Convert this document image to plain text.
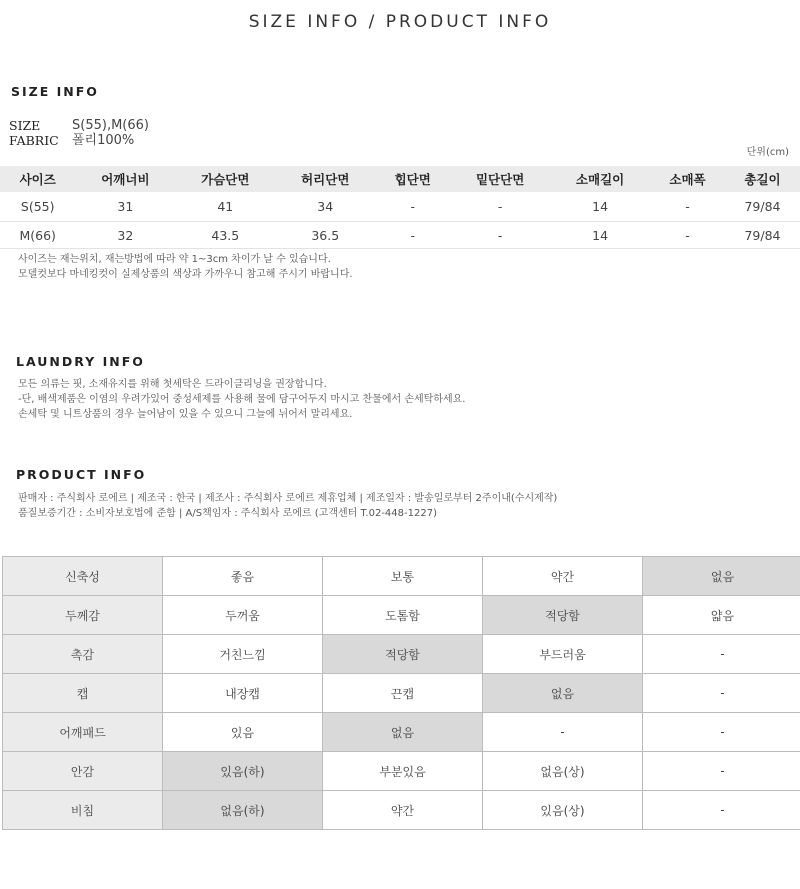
SIZE INFO / PRODUCT INFO
SIZE INFO
SIZE	S(55),M(66)
FABRIC	폴리100%
단위(cm)
사이즈	어깨너비	가슴단면	허리단면	힙단면	밑단단면	소매길이	소매폭	총길이
S(55)	31	41	34	-	-	14	-	79/84
M(66)	32	43.5	36.5	-	-	14	-	79/84
사이즈는 재는위치, 재는방법에 따라 약 1~3cm 차이가 날 수 있습니다.
모델컷보다 마네킹컷이 실제상품의 색상과 가까우니 참고해 주시기 바랍니다.
LAUNDRY INFO
모든 의류는 핏, 소재유지를 위해 첫세탁은 드라이클리닝을 권장합니다.
-단, 배색제품은 이염의 우려가있어 중성세제를 사용해 물에 담구어두지 마시고 찬물에서 손세탁하세요.
손세탁 및 니트상품의 경우 늘어남이 있을 수 있으니 그늘에 뉘어서 말리세요.
PRODUCT INFO
판매자 : 주식회사 로에르 | 제조국 : 한국 | 제조사 : 주식회사 로에르 제휴업체 | 제조일자 : 발송일로부터 2주이내(수시제작)
품질보증기간 : 소비자보호법에 준함 | A/S책임자 : 주식회사 로에르 (고객센터 T.02-448-1227)
신축성	좋음	보통	약간	없음
두께감	두꺼움	도톰함	적당함	얇음
촉감	거친느낌	적당함	부드러움	-
캡	내장캡	끈캡	없음	-
어깨패드	있음	없음	-	-
안감	있음(하)	부분있음	없음(상)	-
비침	없음(하)	약간	있음(상)	-
